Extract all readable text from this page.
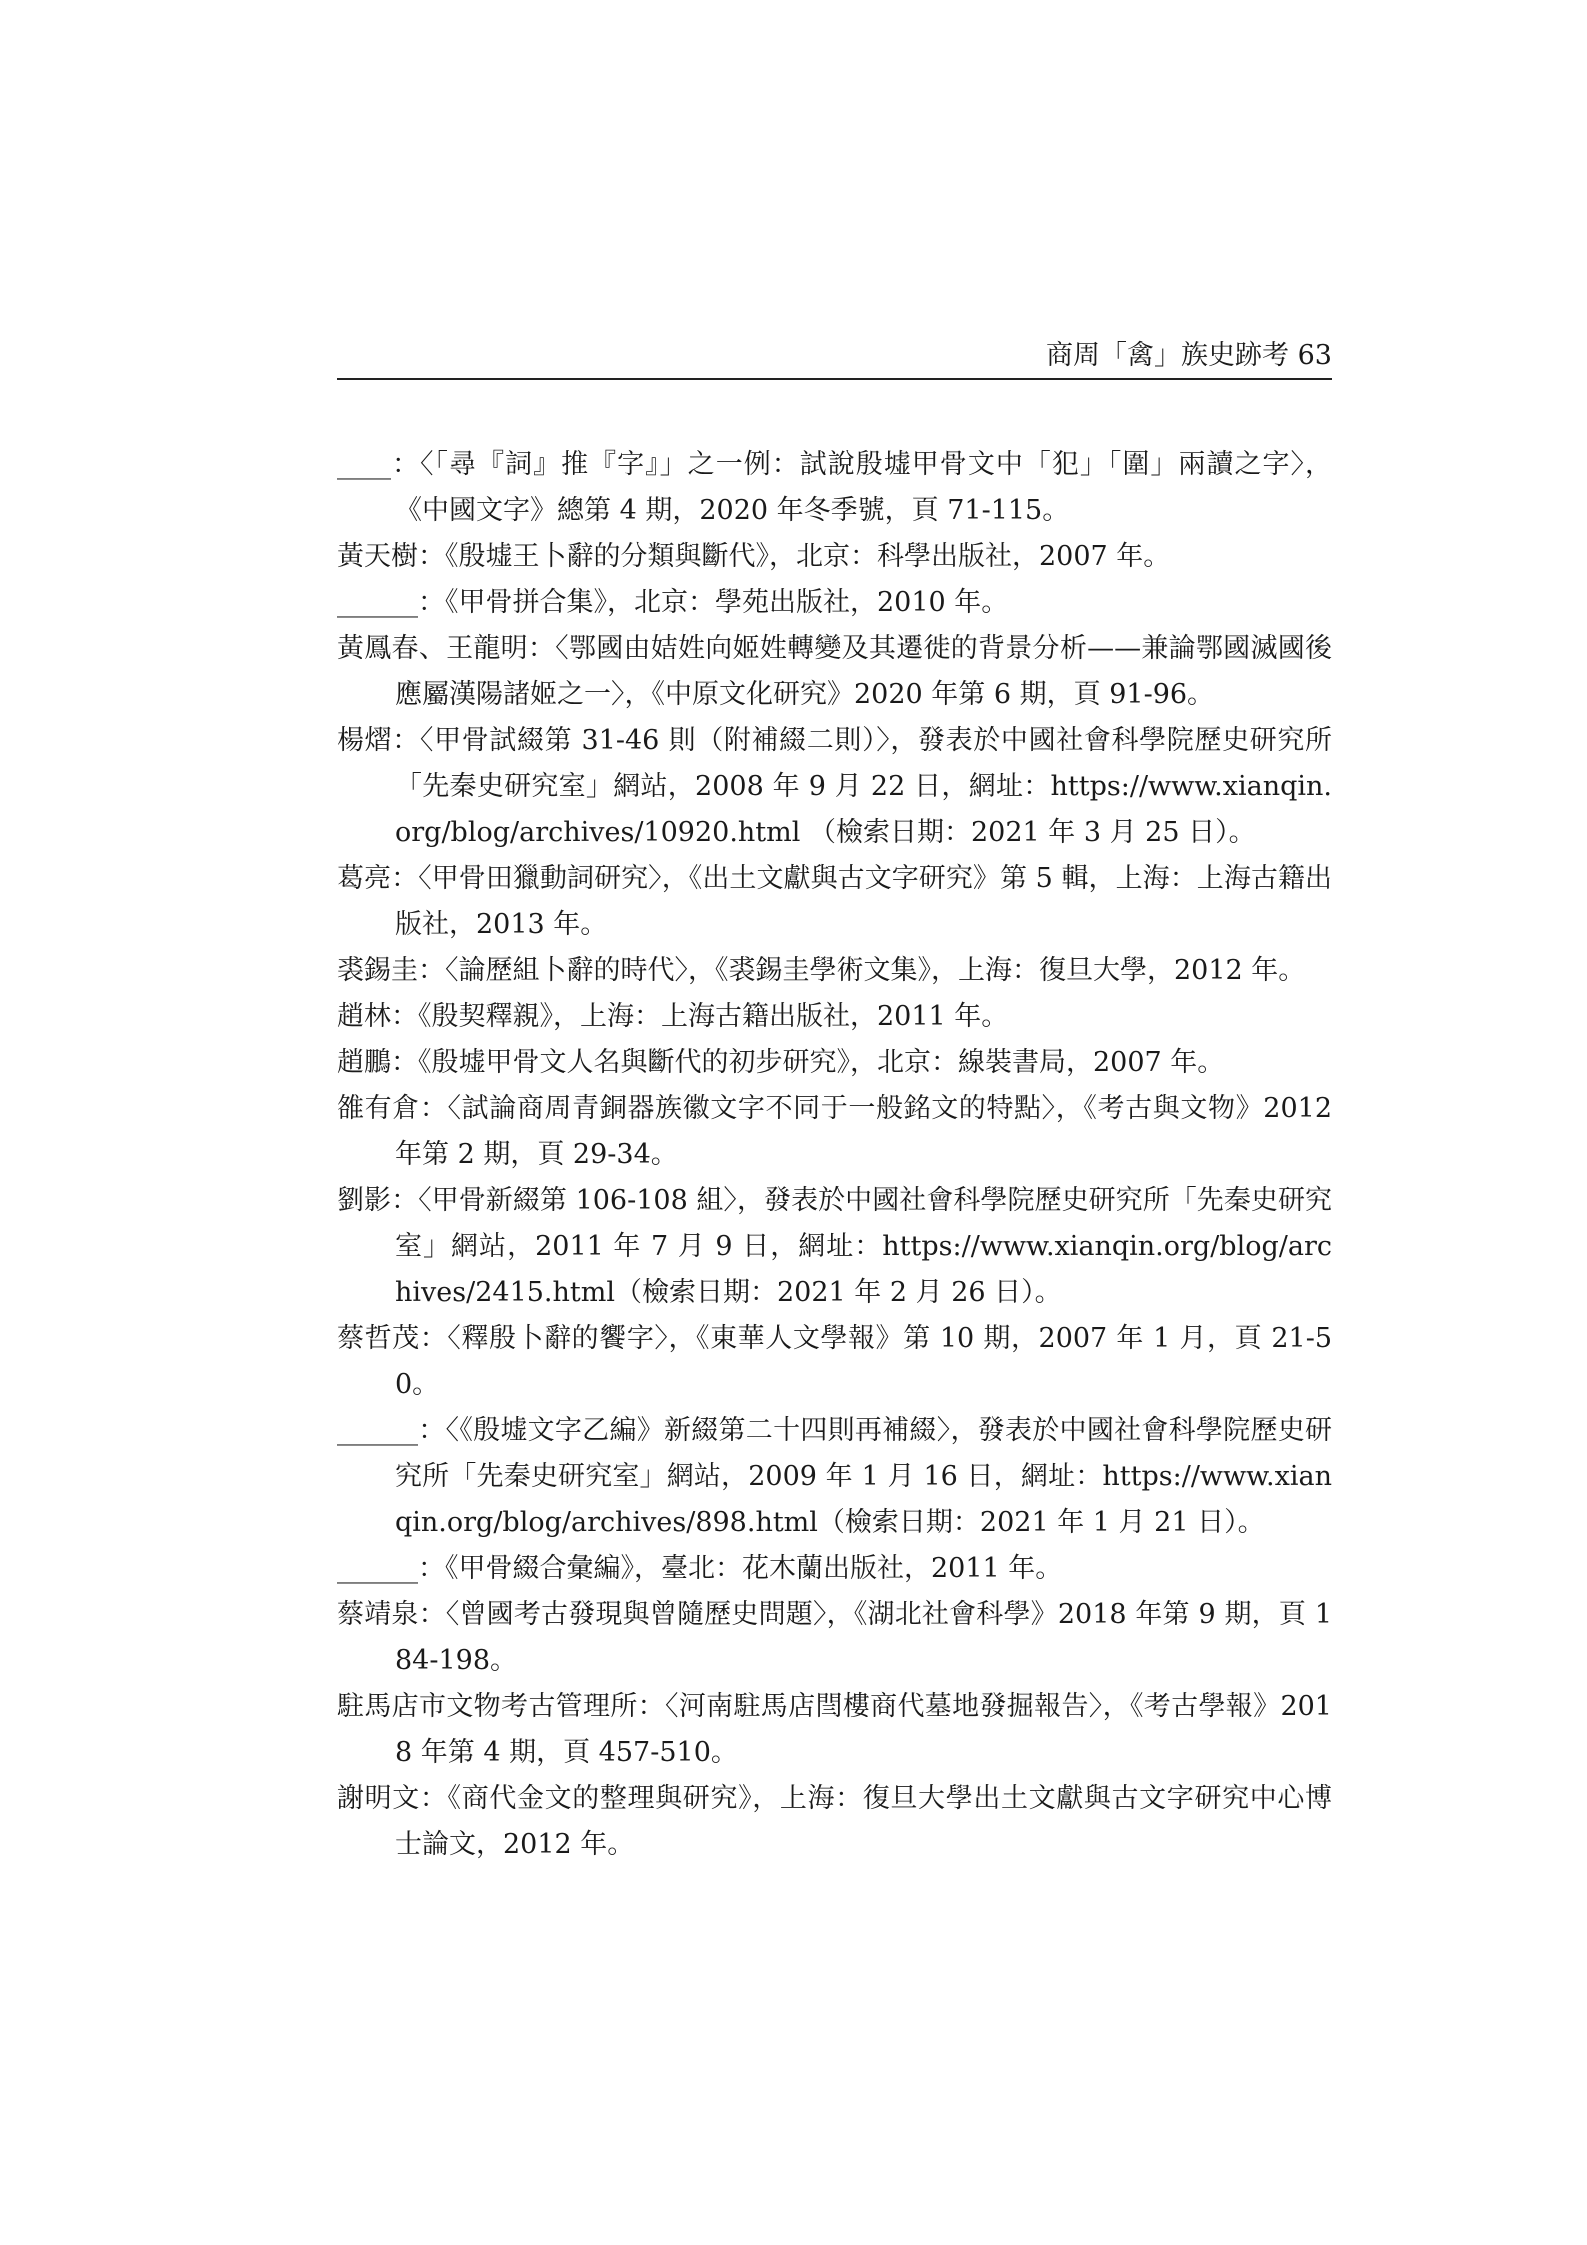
商周「禽」族史跡考 63
____：〈「尋『詞』推『字』」之一例：試說殷墟甲骨文中「犯」「圍」兩讀之字〉，《中國文字》總第 4 期，2020 年冬季號，頁 71-115。
黃天樹：《殷墟王卜辭的分類與斷代》，北京：科學出版社，2007 年。
______：《甲骨拼合集》，北京：學苑出版社，2010 年。
黃鳳春、王龍明：〈鄂國由姞姓向姬姓轉變及其遷徙的背景分析——兼論鄂國滅國後應屬漢陽諸姬之一〉，《中原文化研究》2020 年第 6 期，頁 91-96。
楊熠：〈甲骨試綴第 31-46 則（附補綴二則）〉，發表於中國社會科學院歷史研究所「先秦史研究室」網站，2008 年 9 月 22 日，網址：https://www.xianqin.org/blog/archives/10920.html （檢索日期：2021 年 3 月 25 日）。
葛亮：〈甲骨田獵動詞研究〉，《出土文獻與古文字研究》第 5 輯，上海：上海古籍出版社，2013 年。
裘錫圭：〈論歷組卜辭的時代〉，《裘錫圭學術文集》，上海：復旦大學，2012 年。
趙林：《殷契釋親》，上海：上海古籍出版社，2011 年。
趙鵬：《殷墟甲骨文人名與斷代的初步研究》，北京：線裝書局，2007 年。
雒有倉：〈試論商周青銅器族徽文字不同于一般銘文的特點〉，《考古與文物》2012 年第 2 期，頁 29-34。
劉影：〈甲骨新綴第 106-108 組〉，發表於中國社會科學院歷史研究所「先秦史研究室」網站，2011 年 7 月 9 日，網址：https://www.xianqin.org/blog/archives/2415.html（檢索日期：2021 年 2 月 26 日）。
蔡哲茂：〈釋殷卜辭的饗字〉，《東華人文學報》第 10 期，2007 年 1 月，頁 21-50。
______：〈《殷墟文字乙編》新綴第二十四則再補綴〉，發表於中國社會科學院歷史研究所「先秦史研究室」網站，2009 年 1 月 16 日，網址：https://www.xianqin.org/blog/archives/898.html（檢索日期：2021 年 1 月 21 日）。
______：《甲骨綴合彙編》，臺北：花木蘭出版社，2011 年。
蔡靖泉：〈曾國考古發現與曾隨歷史問題〉，《湖北社會科學》2018 年第 9 期，頁 184-198。
駐馬店市文物考古管理所：〈河南駐馬店閆樓商代墓地發掘報告〉，《考古學報》2018 年第 4 期，頁 457-510。
謝明文：《商代金文的整理與研究》，上海：復旦大學出土文獻與古文字研究中心博士論文，2012 年。
